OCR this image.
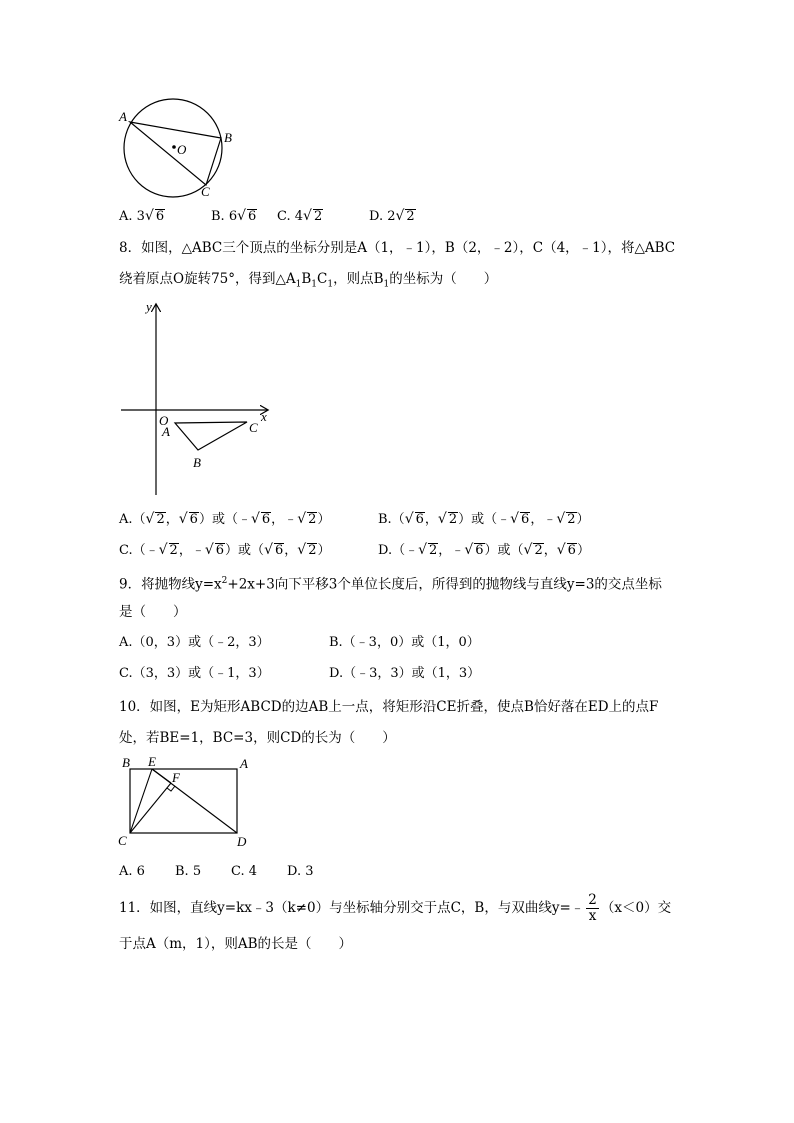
A
B
C
O
A. 3√ 6	B. 6√ 6 C. 4√ 2	D. 2√ 2
8．如图，△ABC三个顶点的坐标分别是A（1，﹣1），B（2，﹣2），C（4，﹣1），将△ABC
绕着原点O旋转75°，得到$\triangle A_1B_1C_1$，则点$B_1$的坐标为（　　）
y
x
O
A
B
C
A.（√ 2，√ 6）或（﹣√ 6，﹣√ 2）	B.（√ 6，√ 2）或（﹣√ 6，﹣√ 2）
C.（﹣√ 2，﹣√ 6）或（√ 6，√ 2）	D.（﹣√ 2，﹣√ 6）或（√ 2，√ 6）
9．将抛物线$y=x^2+2x+3$向下平移3个单位长度后，所得到的抛物线与直线y=3的交点坐标
是（　　）
A.（0，3）或（﹣2，3）	B.（﹣3，0）或（1，0）
C.（3，3）或（﹣1，3）	D.（﹣3，3）或（1，3）
10．如图，E为矩形ABCD的边AB上一点，将矩形沿CE折叠，使点B恰好落在ED上的点F
处，若BE=1，BC=3，则CD的长为（　　）
B E	A
F
C	D
A. 6 B. 5 C. 4 D. 3
11．如图，直线y=kx﹣3（k≠0）与坐标轴分别交于点C，B，与双曲线y=﹣ $\frac{2}{x} (x<0)$交
于点A（m，1），则AB的长是（　　）
